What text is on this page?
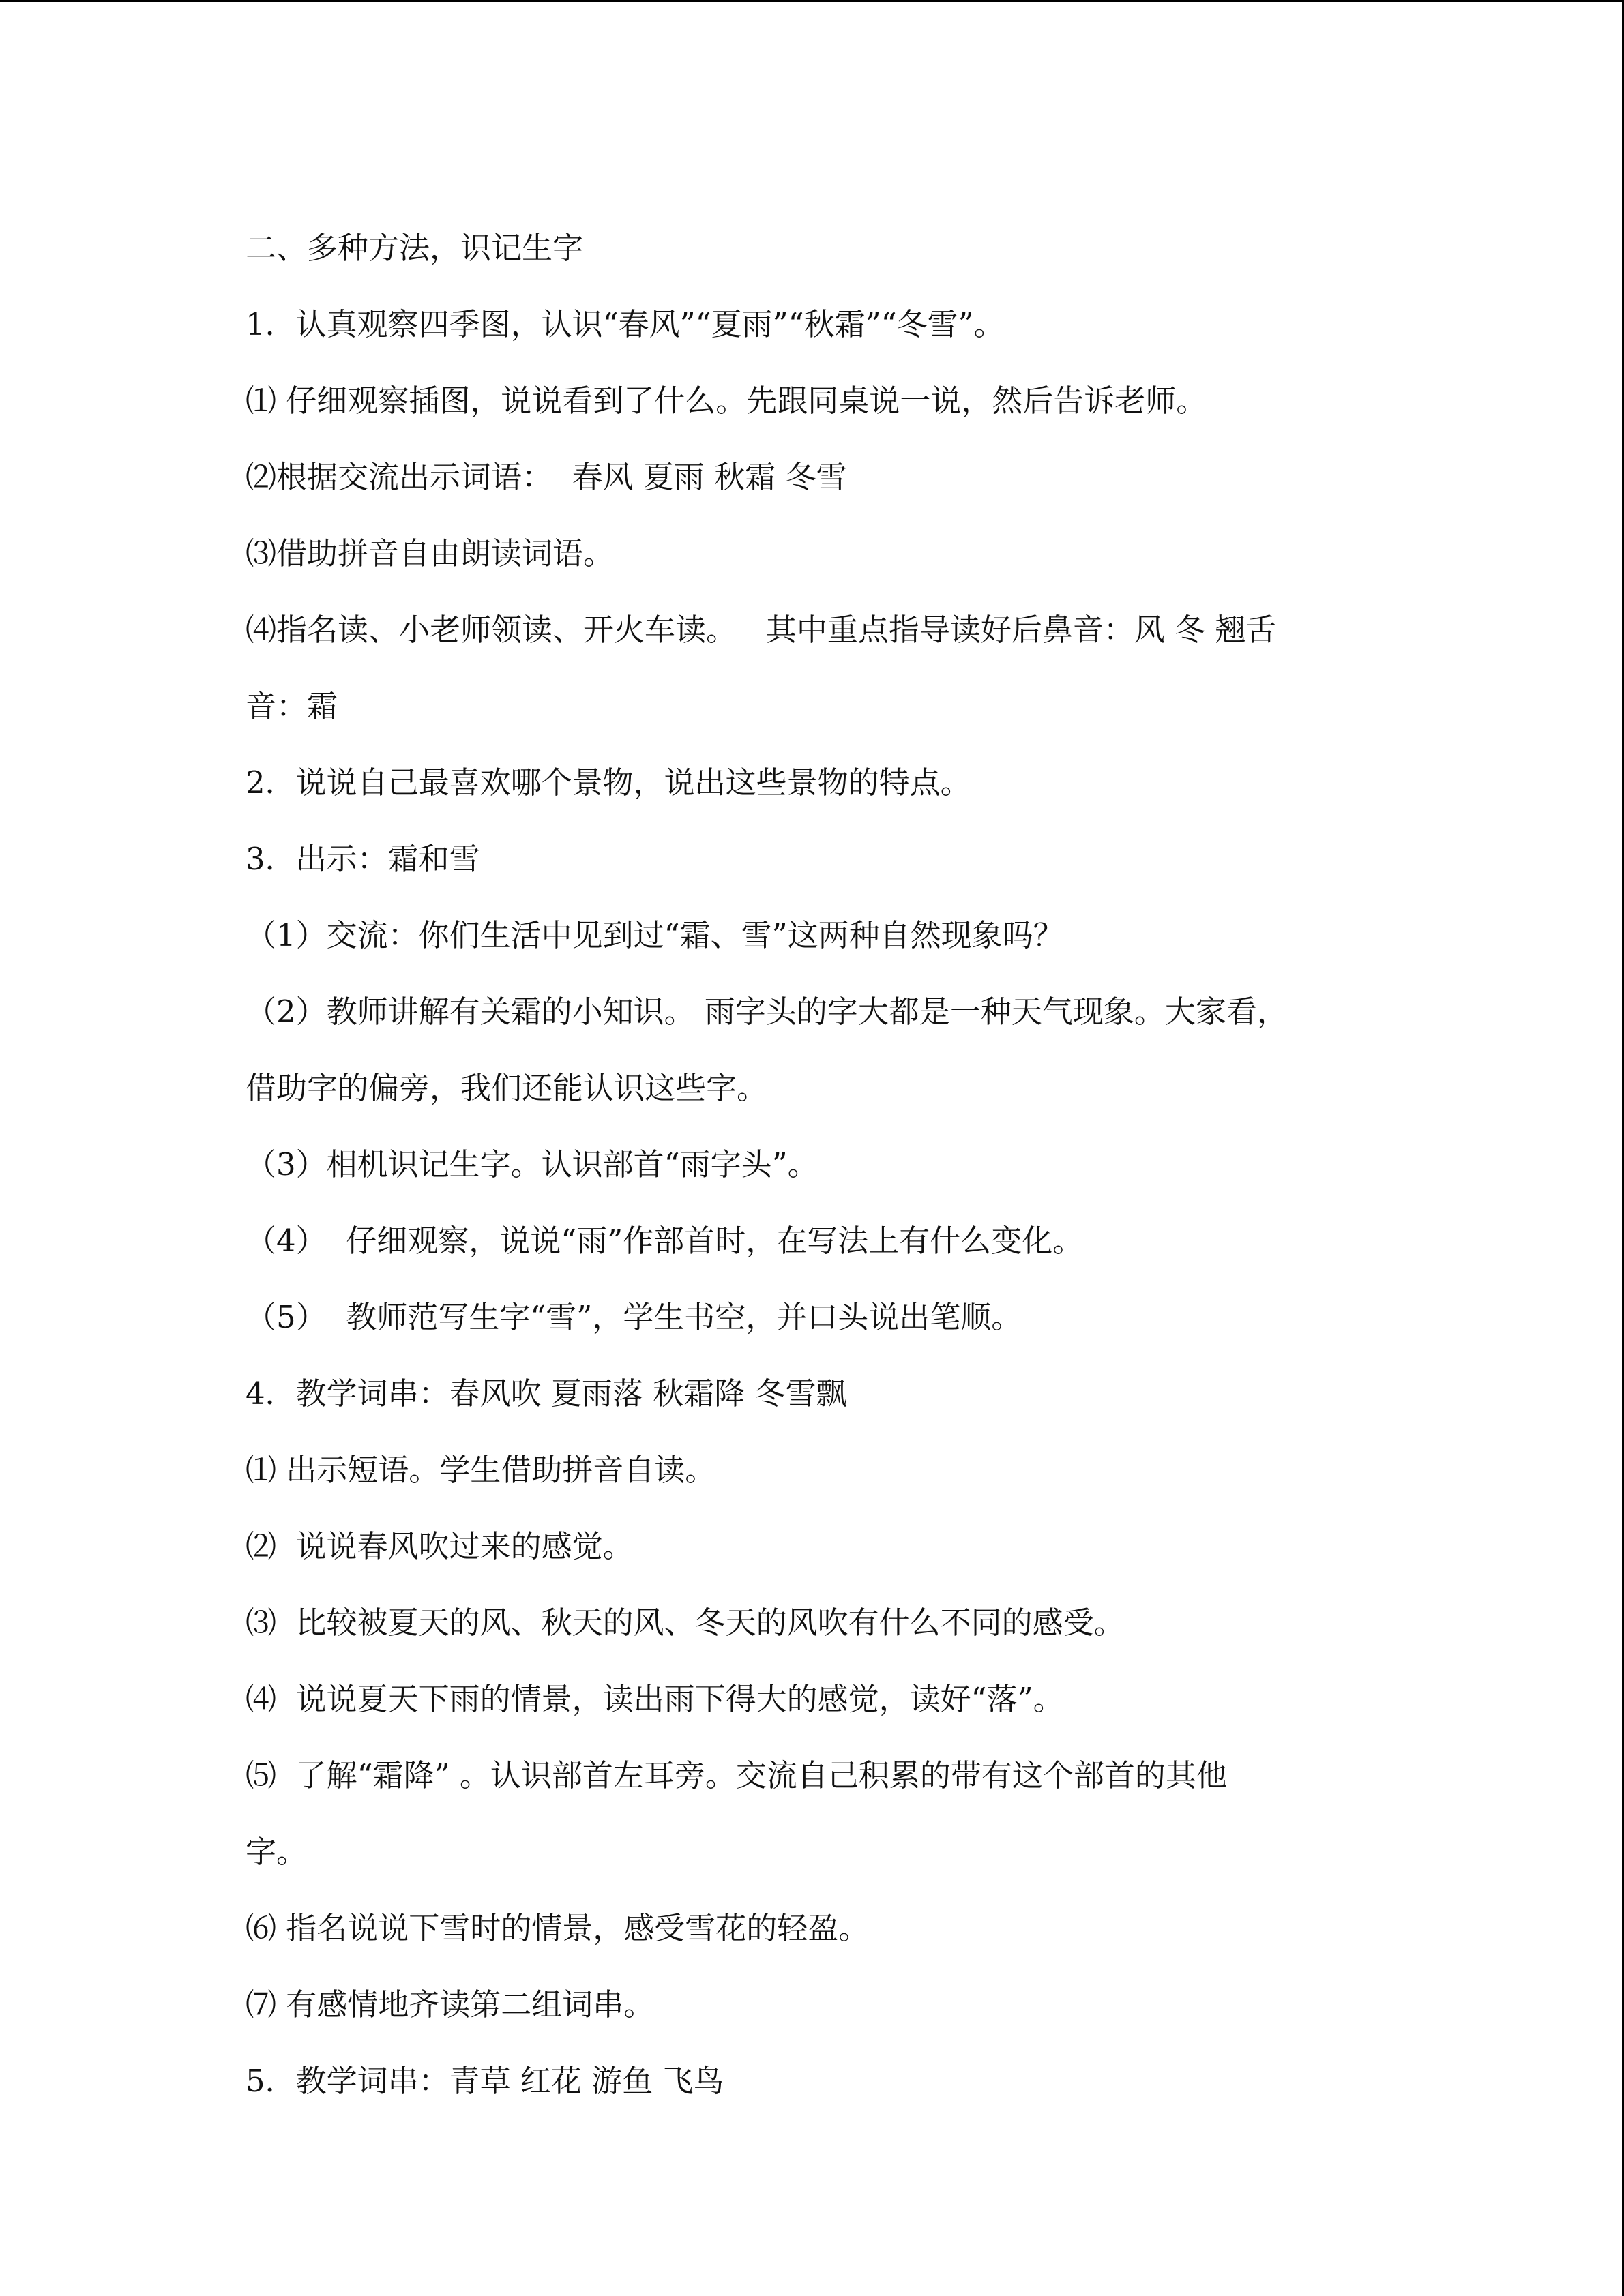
二、多种方法，识记生字

1．认真观察四季图，认识“春风”“夏雨”“秋霜”“冬雪”。

⑴ 仔细观察插图，说说看到了什么。先跟同桌说一说，然后告诉老师。

⑵根据交流出示词语：  春风 夏雨 秋霜 冬雪

⑶借助拼音自由朗读词语。

⑷指名读、小老师领读、开火车读。   其中重点指导读好后鼻音：风 冬 翘舌

音：霜

2．说说自己最喜欢哪个景物，说出这些景物的特点。

3．出示：霜和雪

（1）交流：你们生活中见到过“霜、雪”这两种自然现象吗？

（2）教师讲解有关霜的小知识。 雨字头的字大都是一种天气现象。大家看，

借助字的偏旁，我们还能认识这些字。

（3）相机识记生字。认识部首“雨字头”。

（4）  仔细观察，说说“雨”作部首时，在写法上有什么变化。

（5）  教师范写生字“雪”，学生书空，并口头说出笔顺。

4．教学词串：春风吹 夏雨落 秋霜降 冬雪飘

⑴ 出示短语。学生借助拼音自读。

⑵  说说春风吹过来的感觉。

⑶  比较被夏天的风、秋天的风、冬天的风吹有什么不同的感受。

⑷  说说夏天下雨的情景，读出雨下得大的感觉，读好“落”。

⑸  了解“霜降” 。认识部首左耳旁。交流自己积累的带有这个部首的其他

字。

⑹ 指名说说下雪时的情景，感受雪花的轻盈。

⑺ 有感情地齐读第二组词串。

5．教学词串：青草 红花 游鱼 飞鸟
